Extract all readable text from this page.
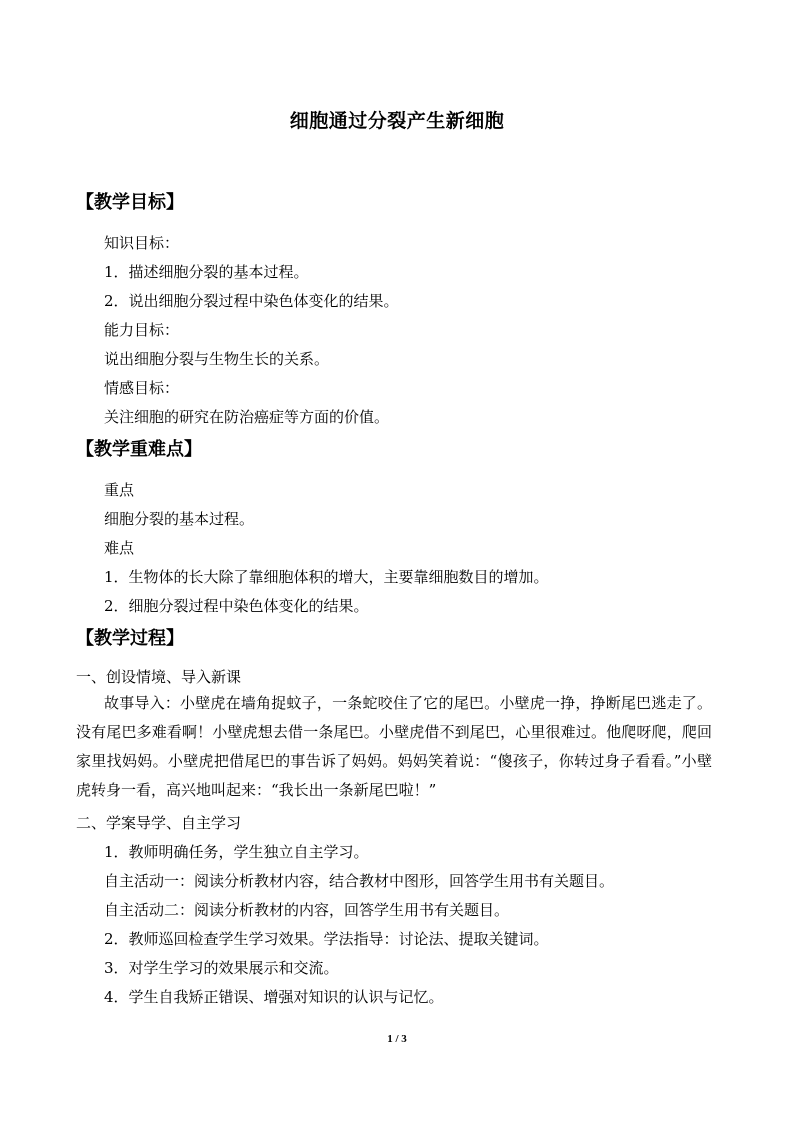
细胞通过分裂产生新细胞
【教学目标】
知识目标：
1．描述细胞分裂的基本过程。
2．说出细胞分裂过程中染色体变化的结果。
能力目标：
说出细胞分裂与生物生长的关系。
情感目标：
关注细胞的研究在防治癌症等方面的价值。
【教学重难点】
重点
细胞分裂的基本过程。
难点
1．生物体的长大除了靠细胞体积的增大，主要靠细胞数目的增加。
2．细胞分裂过程中染色体变化的结果。
【教学过程】
一、创设情境、导入新课
故事导入：小壁虎在墙角捉蚊子，一条蛇咬住了它的尾巴。小壁虎一挣，挣断尾巴逃走了。没有尾巴多难看啊！小壁虎想去借一条尾巴。小壁虎借不到尾巴，心里很难过。他爬呀爬，爬回家里找妈妈。小壁虎把借尾巴的事告诉了妈妈。妈妈笑着说：“傻孩子，你转过身子看看。”小壁虎转身一看，高兴地叫起来：“我长出一条新尾巴啦！”
二、学案导学、自主学习
1．教师明确任务，学生独立自主学习。
自主活动一：阅读分析教材内容，结合教材中图形，回答学生用书有关题目。
自主活动二：阅读分析教材的内容，回答学生用书有关题目。
2．教师巡回检查学生学习效果。学法指导：讨论法、提取关键词。
3．对学生学习的效果展示和交流。
4．学生自我矫正错误、增强对知识的认识与记忆。
1 / 3
